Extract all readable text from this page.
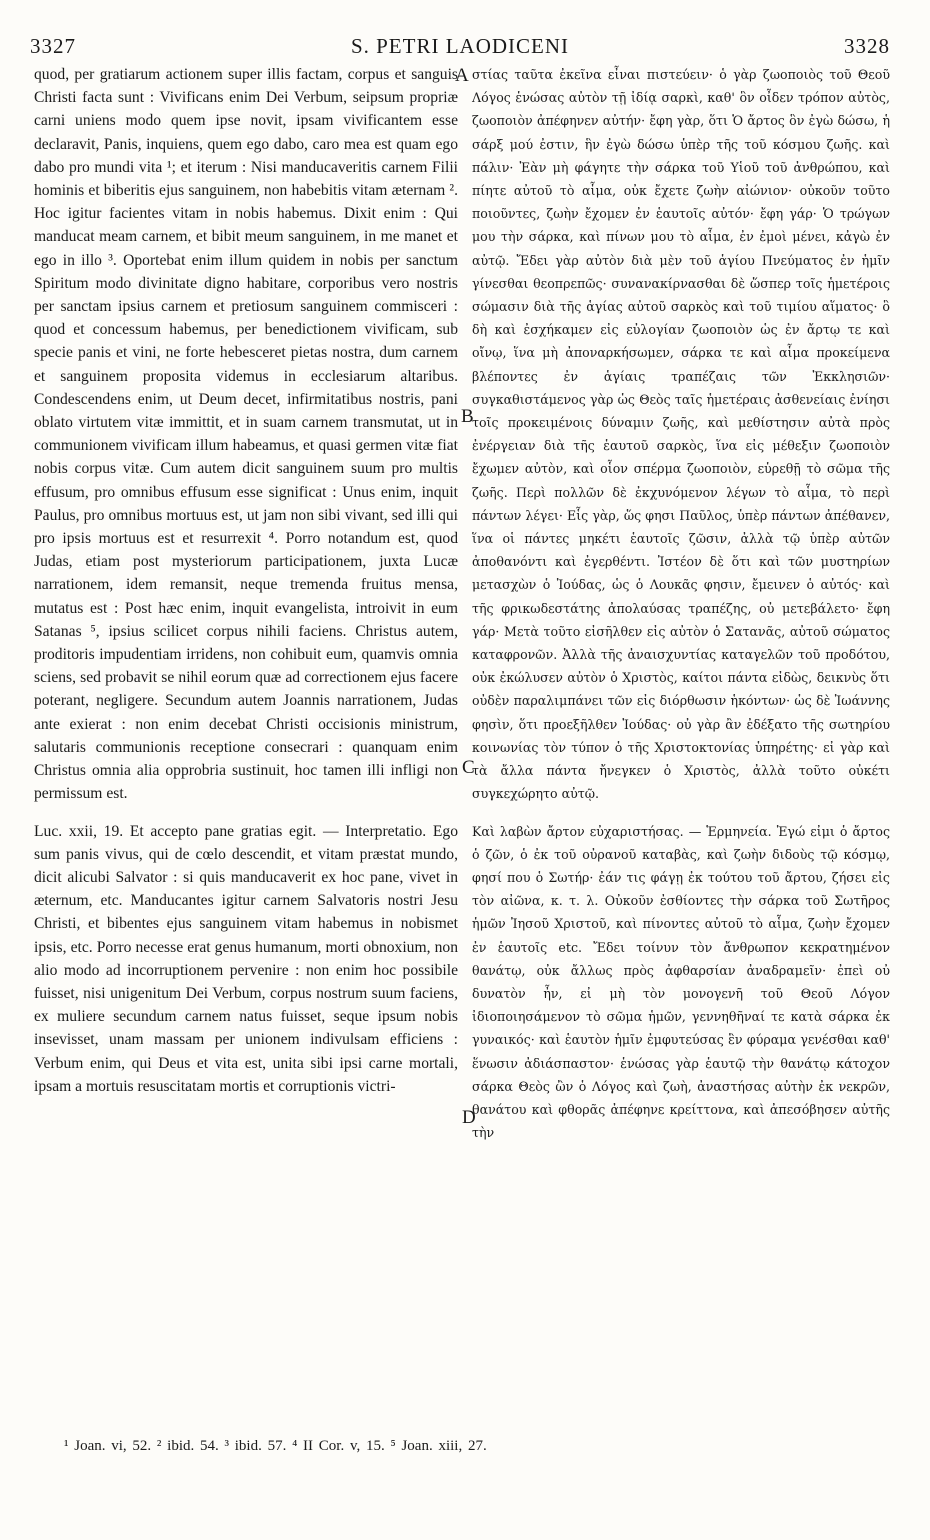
3327	S. PETRI LAODICENI	3328

quod, per gratiarum actionem super illis factam, corpus et sanguis Christi facta sunt : Vivificans enim Dei Verbum, seipsum propriæ carni uniens modo quem ipse novit, ipsam vivificantem esse declaravit, Panis, inquiens, quem ego dabo, caro mea est quam ego dabo pro mundi vita ¹; et iterum : Nisi manducaveritis carnem Filii hominis et biberitis ejus sanguinem, non habebitis vitam æternam ². Hoc igitur facientes vitam in nobis habemus. Dixit enim : Qui manducat meam carnem, et bibit meum sanguinem, in me manet et ego in illo ³. Oportebat enim illum quidem in nobis per sanctum Spiritum modo divinitate digno habitare, corporibus vero nostris per sanctam ipsius carnem et pretiosum sanguinem commisceri : quod et concessum habemus, per benedictionem vivificam, sub specie panis et vini, ne forte hebesceret pietas nostra, dum carnem et sanguinem proposita videmus in ecclesiarum altaribus. Condescendens enim, ut Deum decet, infirmitatibus nostris, pani oblato virtutem vitæ immittit, et in suam carnem transmutat, ut in communionem vivificam illum habeamus, et quasi germen vitæ fiat nobis corpus vitæ. Cum autem dicit sanguinem suum pro multis effusum, pro omnibus effusum esse significat : Unus enim, inquit Paulus, pro omnibus mortuus est, ut jam non sibi vivant, sed illi qui pro ipsis mortuus est et resurrexit ⁴. Porro notandum est, quod Judas, etiam post mysteriorum participationem, juxta Lucæ narrationem, idem remansit, neque tremenda fruitus mensa, mutatus est : Post hæc enim, inquit evangelista, introivit in eum Satanas ⁵, ipsius scilicet corpus nihili faciens. Christus autem, proditoris impudentiam irridens, non cohibuit eum, quamvis omnia sciens, sed probavit se nihil eorum quæ ad correctionem ejus facere poterant, negligere. Secundum autem Joannis narrationem, Judas ante exierat : non enim decebat Christi occisionis ministrum, salutaris communionis receptione consecrari : quanquam enim Christus omnia alia opprobria sustinuit, hoc tamen illi infligi non permissum est.

Luc. xxii, 19. Et accepto pane gratias egit. — Interpretatio. Ego sum panis vivus, qui de cœlo descendit, et vitam præstat mundo, dicit alicubi Salvator : si quis manducaverit ex hoc pane, vivet in æternum, etc. Manducantes igitur carnem Salvatoris nostri Jesu Christi, et bibentes ejus sanguinem vitam habemus in nobismet ipsis, etc. Porro necesse erat genus humanum, morti obnoxium, non alio modo ad incorruptionem pervenire : non enim hoc possibile fuisset, nisi unigenitum Dei Verbum, corpus nostrum suum faciens, ex muliere secundum carnem natus fuisset, seque ipsum nobis insevisset, unam massam per unionem indivulsam efficiens : Verbum enim, qui Deus et vita est, unita sibi ipsi carne mortali, ipsam a mortuis resuscitatam mortis et corruptionis victri-

στίας ταῦτα ἐκεῖνα εἶναι πιστεύειν· ὁ γὰρ ζωοποιὸς τοῦ Θεοῦ Λόγος ἑνώσας αὐτὸν τῇ ἰδίᾳ σαρκὶ, καθ' ὃν οἶδεν τρόπον αὐτὸς, ζωοποιὸν ἀπέφηνεν αὐτήν· ἔφη γὰρ, ὅτι Ὁ ἄρτος ὃν ἐγὼ δώσω, ἡ σάρξ μού ἐστιν, ἣν ἐγὼ δώσω ὑπὲρ τῆς τοῦ κόσμου ζωῆς. καὶ πάλιν· Ἐὰν μὴ φάγητε τὴν σάρκα τοῦ Υἱοῦ τοῦ ἀνθρώπου, καὶ πίητε αὐτοῦ τὸ αἷμα, οὐκ ἔχετε ζωὴν αἰώνιον· οὐκοῦν τοῦτο ποιοῦντες, ζωὴν ἔχομεν ἐν ἑαυτοῖς αὐτόν· ἔφη γάρ· Ὁ τρώγων μου τὴν σάρκα, καὶ πίνων μου τὸ αἷμα, ἐν ἐμοὶ μένει, κἀγὼ ἐν αὐτῷ. Ἔδει γὰρ αὐτὸν διὰ μὲν τοῦ ἁγίου Πνεύματος ἐν ἡμῖν γίνεσθαι θεοπρεπῶς· συνανακίρνασθαι δὲ ὥσπερ τοῖς ἡμετέροις σώμασιν διὰ τῆς ἁγίας αὐτοῦ σαρκὸς καὶ τοῦ τιμίου αἵματος· ὃ δὴ καὶ ἐσχήκαμεν εἰς εὐλογίαν ζωοποιὸν ὡς ἐν ἄρτῳ τε καὶ οἴνῳ, ἵνα μὴ ἀποναρκήσωμεν, σάρκα τε καὶ αἷμα προκείμενα βλέποντες ἐν ἁγίαις τραπέζαις τῶν Ἐκκλησιῶν· συγκαθιστάμενος γὰρ ὡς Θεὸς ταῖς ἡμετέραις ἀσθενείαις ἐνίησι τοῖς προκειμένοις δύναμιν ζωῆς, καὶ μεθίστησιν αὐτὰ πρὸς ἐνέργειαν διὰ τῆς ἑαυτοῦ σαρκὸς, ἵνα εἰς μέθεξιν ζωοποιὸν ἔχωμεν αὐτὸν, καὶ οἷον σπέρμα ζωοποιὸν, εὑρεθῇ τὸ σῶμα τῆς ζωῆς. Περὶ πολλῶν δὲ ἐκχυνόμενον λέγων τὸ αἷμα, τὸ περὶ πάντων λέγει· Εἷς γὰρ, ὥς φησι Παῦλος, ὑπὲρ πάντων ἀπέθανεν, ἵνα οἱ πάντες μηκέτι ἑαυτοῖς ζῶσιν, ἀλλὰ τῷ ὑπὲρ αὐτῶν ἀποθανόντι καὶ ἐγερθέντι. Ἰστέον δὲ ὅτι καὶ τῶν μυστηρίων μετασχὼν ὁ Ἰούδας, ὡς ὁ Λουκᾶς φησιν, ἔμεινεν ὁ αὐτός· καὶ τῆς φρικωδεστάτης ἀπολαύσας τραπέζης, οὐ μετεβάλετο· ἔφη γάρ· Μετὰ τοῦτο εἰσῆλθεν εἰς αὐτὸν ὁ Σατανᾶς, αὐτοῦ σώματος καταφρονῶν. Ἀλλὰ τῆς ἀναισχυντίας καταγελῶν τοῦ προδότου, οὐκ ἐκώλυσεν αὐτὸν ὁ Χριστὸς, καίτοι πάντα εἰδὼς, δεικνὺς ὅτι οὐδὲν παραλιμπάνει τῶν εἰς διόρθωσιν ἡκόντων· ὡς δὲ Ἰωάννης φησὶν, ὅτι προεξῆλθεν Ἰούδας· οὐ γὰρ ἂν ἐδέξατο τῆς σωτηρίου κοινωνίας τὸν τύπον ὁ τῆς Χριστοκτονίας ὑπηρέτης· εἰ γὰρ καὶ τὰ ἄλλα πάντα ἤνεγκεν ὁ Χριστὸς, ἀλλὰ τοῦτο οὐκέτι συγκεχώρητο αὐτῷ.

Καὶ λαβὼν ἄρτον εὐχαριστήσας. — Ἑρμηνεία. Ἐγώ εἰμι ὁ ἄρτος ὁ ζῶν, ὁ ἐκ τοῦ οὐρανοῦ καταβὰς, καὶ ζωὴν διδοὺς τῷ κόσμῳ, φησί που ὁ Σωτήρ· ἐάν τις φάγῃ ἐκ τούτου τοῦ ἄρτου, ζήσει εἰς τὸν αἰῶνα, κ. τ. λ. Οὐκοῦν ἐσθίοντες τὴν σάρκα τοῦ Σωτῆρος ἡμῶν Ἰησοῦ Χριστοῦ, καὶ πίνοντες αὐτοῦ τὸ αἷμα, ζωὴν ἔχομεν ἐν ἑαυτοῖς etc. Ἔδει τοίνυν τὸν ἄνθρωπον κεκρατημένον θανάτῳ, οὐκ ἄλλως πρὸς ἀφθαρσίαν ἀναδραμεῖν· ἐπεὶ οὐ δυνατὸν ἦν, εἰ μὴ τὸν μονογενῆ τοῦ Θεοῦ Λόγον ἰδιοποιησάμενον τὸ σῶμα ἡμῶν, γεννηθῆναί τε κατὰ σάρκα ἐκ γυναικός· καὶ ἑαυτὸν ἡμῖν ἐμφυτεύσας ἓν φύραμα γενέσθαι καθ' ἕνωσιν ἀδιάσπαστον· ἑνώσας γὰρ ἑαυτῷ τὴν θανάτῳ κάτοχον σάρκα Θεὸς ὢν ὁ Λόγος καὶ ζωὴ, ἀναστήσας αὐτὴν ἐκ νεκρῶν, θανάτου καὶ φθορᾶς ἀπέφηνε κρείττονα, καὶ ἀπεσόβησεν αὐτῆς τὴν

A
B
C
D
¹ Joan. vi, 52. ² ibid. 54. ³ ibid. 57. ⁴ II Cor. v, 15. ⁵ Joan. xiii, 27.
